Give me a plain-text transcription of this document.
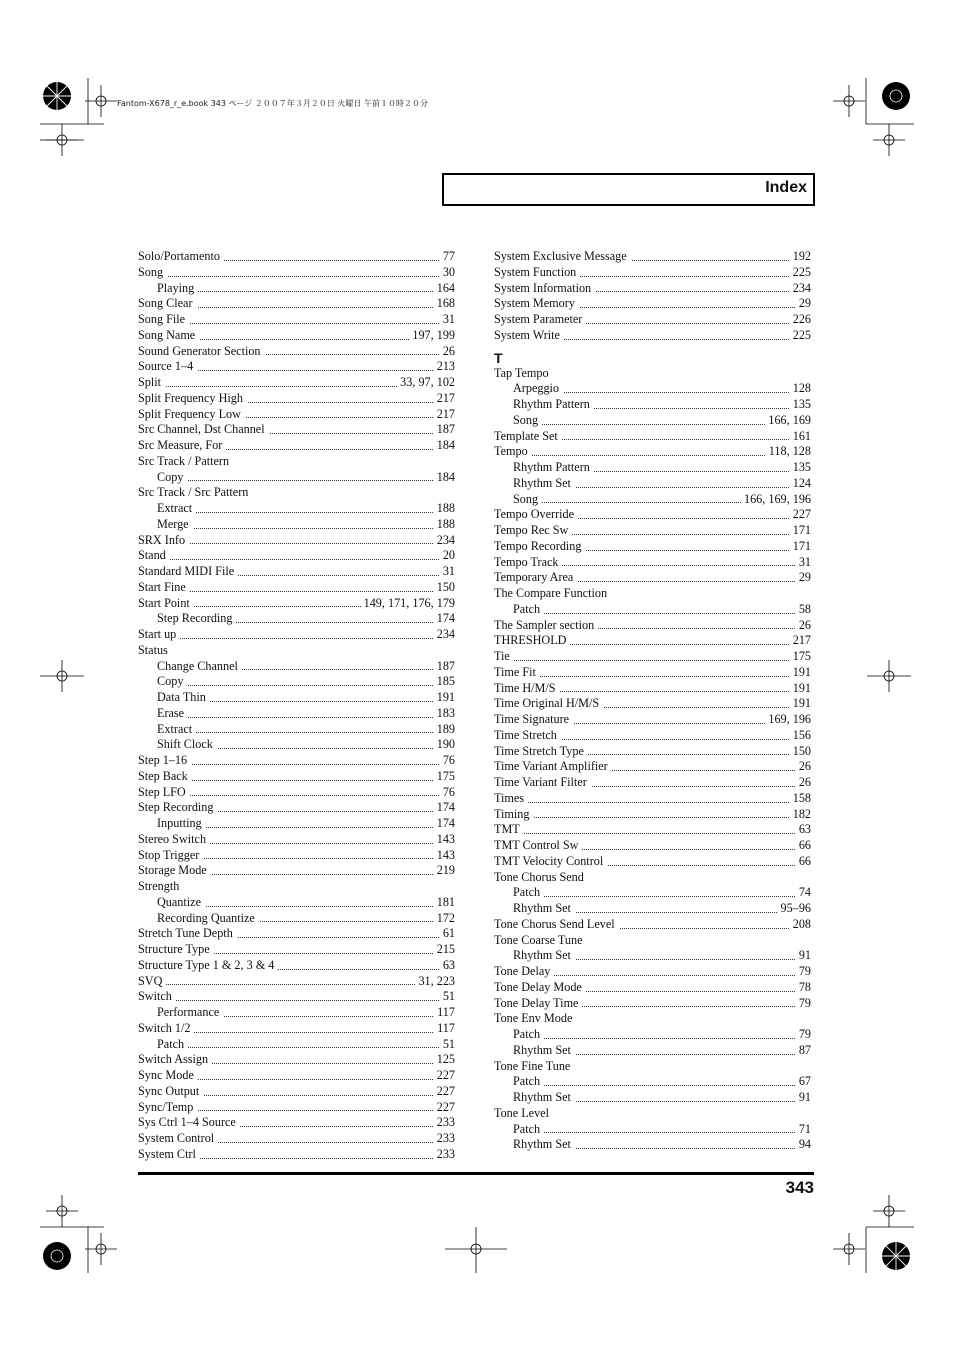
Fantom-X678_r_e.book 343 ページ ２００７年３月２０日 火曜日 午前１０時２０分
Index
Solo/Portamento	77
Song	30
Playing	164
Song Clear	168
Song File	31
Song Name	197, 199
Sound Generator Section	26
Source 1–4	213
Split	33, 97, 102
Split Frequency High	217
Split Frequency Low	217
Src Channel, Dst Channel	187
Src Measure, For	184
Src Track / Pattern
Copy	184
Src Track / Src Pattern
Extract	188
Merge	188
SRX Info	234
Stand	20
Standard MIDI File	31
Start Fine	150
Start Point	149, 171, 176, 179
Step Recording	174
Start up	234
Status
Change Channel	187
Copy	185
Data Thin	191
Erase	183
Extract	189
Shift Clock	190
Step 1–16	76
Step Back	175
Step LFO	76
Step Recording	174
Inputting	174
Stereo Switch	143
Stop Trigger	143
Storage Mode	219
Strength
Quantize	181
Recording Quantize	172
Stretch Tune Depth	61
Structure Type	215
Structure Type 1 & 2, 3 & 4	63
SVQ	31, 223
Switch	51
Performance	117
Switch 1/2	117
Patch	51
Switch Assign	125
Sync Mode	227
Sync Output	227
Sync/Temp	227
Sys Ctrl 1–4 Source	233
System Control	233
System Ctrl	233
System Exclusive Message	192
System Function	225
System Information	234
System Memory	29
System Parameter	226
System Write	225
T
Tap Tempo
Arpeggio	128
Rhythm Pattern	135
Song	166, 169
Template Set	161
Tempo	118, 128
Rhythm Pattern	135
Rhythm Set	124
Song	166, 169, 196
Tempo Override	227
Tempo Rec Sw	171
Tempo Recording	171
Tempo Track	31
Temporary Area	29
The Compare Function
Patch	58
The Sampler section	26
THRESHOLD	217
Tie	175
Time Fit	191
Time H/M/S	191
Time Original H/M/S	191
Time Signature	169, 196
Time Stretch	156
Time Stretch Type	150
Time Variant Amplifier	26
Time Variant Filter	26
Times	158
Timing	182
TMT	63
TMT Control Sw	66
TMT Velocity Control	66
Tone Chorus Send
Patch	74
Rhythm Set	95–96
Tone Chorus Send Level	208
Tone Coarse Tune
Rhythm Set	91
Tone Delay	79
Tone Delay Mode	78
Tone Delay Time	79
Tone Env Mode
Patch	79
Rhythm Set	87
Tone Fine Tune
Patch	67
Rhythm Set	91
Tone Level
Patch	71
Rhythm Set	94
343
